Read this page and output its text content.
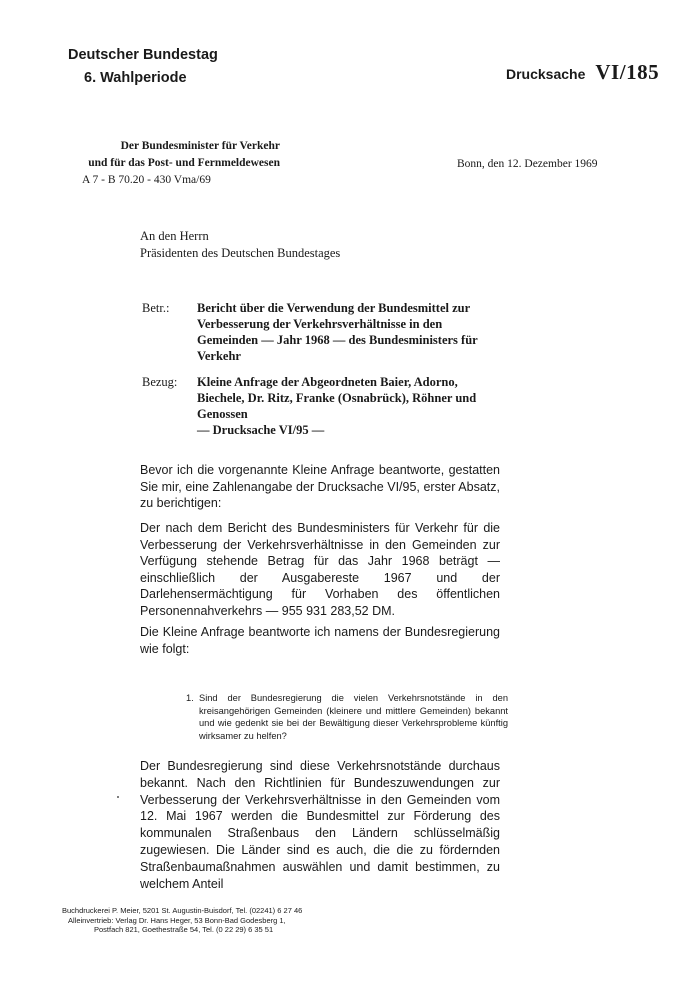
Deutscher Bundestag
6. Wahlperiode	Drucksache VI/185
Der Bundesminister für Verkehr
und für das Post- und Fernmeldewesen
A 7 - B 70.20 - 430 Vma/69
Bonn, den 12. Dezember 1969
An den Herrn
Präsidenten des Deutschen Bundestages
Betr.:	Bericht über die Verwendung der Bundesmittel zur Verbesserung der Verkehrsverhältnisse in den Gemeinden — Jahr 1968 — des Bundesministers für Verkehr
Bezug:	Kleine Anfrage der Abgeordneten Baier, Adorno, Biechele, Dr. Ritz, Franke (Osnabrück), Röhner und Genossen
— Drucksache VI/95 —
Bevor ich die vorgenannte Kleine Anfrage beantworte, gestatten Sie mir, eine Zahlenangabe der Drucksache VI/95, erster Absatz, zu berichtigen:
Der nach dem Bericht des Bundesministers für Verkehr für die Verbesserung der Verkehrsverhältnisse in den Gemeinden zur Verfügung stehende Betrag für das Jahr 1968 beträgt — einschließlich der Ausgabereste 1967 und der Darlehensermächtigung für Vorhaben des öffentlichen Personennahverkehrs — 955 931 283,52 DM.
Die Kleine Anfrage beantworte ich namens der Bundesregierung wie folgt:
1. Sind der Bundesregierung die vielen Verkehrsnotstände in den kreisangehörigen Gemeinden (kleinere und mittlere Gemeinden) bekannt und wie gedenkt sie bei der Bewältigung dieser Verkehrsprobleme künftig wirksamer zu helfen?
Der Bundesregierung sind diese Verkehrsnotstände durchaus bekannt. Nach den Richtlinien für Bundeszuwendungen zur Verbesserung der Verkehrsverhältnisse in den Gemeinden vom 12. Mai 1967 werden die Bundesmittel zur Förderung des kommunalen Straßenbaus den Ländern schlüsselmäßig zugewiesen. Die Länder sind es auch, die die zu fördernden Straßenbaumaßnahmen auswählen und damit bestimmen, zu welchem Anteil
Buchdruckerei P. Meier, 5201 St. Augustin-Buisdorf, Tel. (02241) 6 27 46
Alleinvertrieb: Verlag Dr. Hans Heger, 53 Bonn-Bad Godesberg 1,
Postfach 821, Goethestraße 54, Tel. (0 22 29) 6 35 51
